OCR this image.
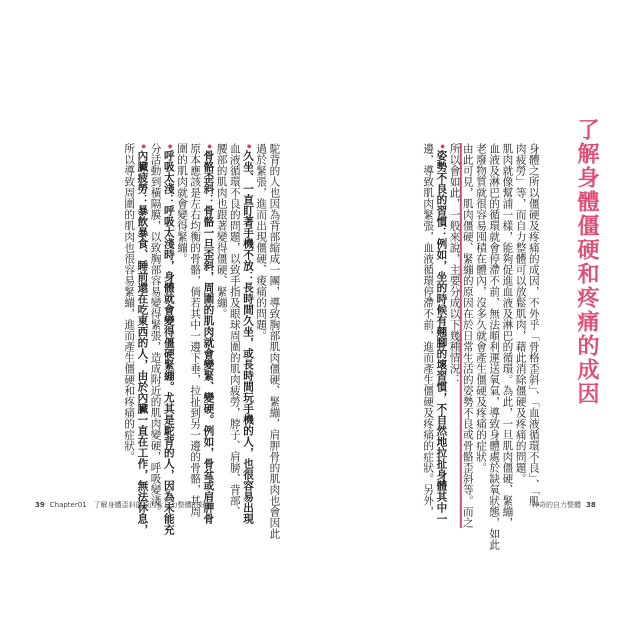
了解身體僵硬和疼痛的成因
身體之所以僵硬及疼痛的成因，不外乎「骨格歪斜」、「血液循環不良」、「肌
肉疲勞」等，而自力整體可以放鬆肌肉，藉此消除僵硬及疼痛的問題。
肌肉就像幫浦一樣，能夠促進血液及淋巴的循環。為此，一旦肌肉僵硬、緊繃，
血液及淋巴的循環就會停滯不前，無法順利運送氧氣，導致身體處於缺氧狀態，如此
老廢物質就很容易囤積在體內，沒多久就會產生僵硬及疼痛的症狀。
由此可見，肌肉僵硬、緊繃的原因在於日常生活的姿勢不良或骨骼歪斜等。而之
所以會如此，一般來說，主要分成以下幾種情況：
•姿勢不良的習慣：例如，坐的時候有翹腳的壞習慣，不自然地拉扯身體其中一
邊，導致肌肉緊張，血液循環停滯不前，進而產生僵硬及疼痛的症狀。另外，	神奇的自力整體 38
駝背的人也因為背部縮成一團，導致胸部肌肉僵硬、緊繃，肩胛骨的肌肉也會因此
過於緊張，進而出現僵硬、痠痛的問題。
•久坐、一直盯著手機不放：長時間久坐，或長時間玩手機的人，也很容易出現
血液循環不良的問題，以致手指及眼球周圍的肌肉疲勞，脖子、肩膀、背部、
腰部的肌肉也跟著變得僵硬、緊繃。
•骨骼歪斜：骨骼一旦歪斜，周圍的肌肉就會變緊、變硬。例如，骨盆或肩胛骨
原本應該是左右均衡的骨骼，倘若其中一邊下垂，拉扯到另一邊的骨骼，其周
圍的肌肉就會變得緊繃。
•呼吸太淺：呼吸太淺時，身體就會變得僵硬緊繃。尤其是駝背的人，因為未能充
分活動到橫隔膜，以致胸部容易變得緊張，造成附近的肌肉變硬，呼吸變淺。
•內臟疲勞：暴飲暴食、睡前還在吃東西的人，由於內臟一直在工作，無法休息，
所以導致周圍的肌肉也很容易緊繃，進而產生僵硬和疼痛的症狀。
39 Chapter01　了解身體歪斜的原因＆自力整體的好處
